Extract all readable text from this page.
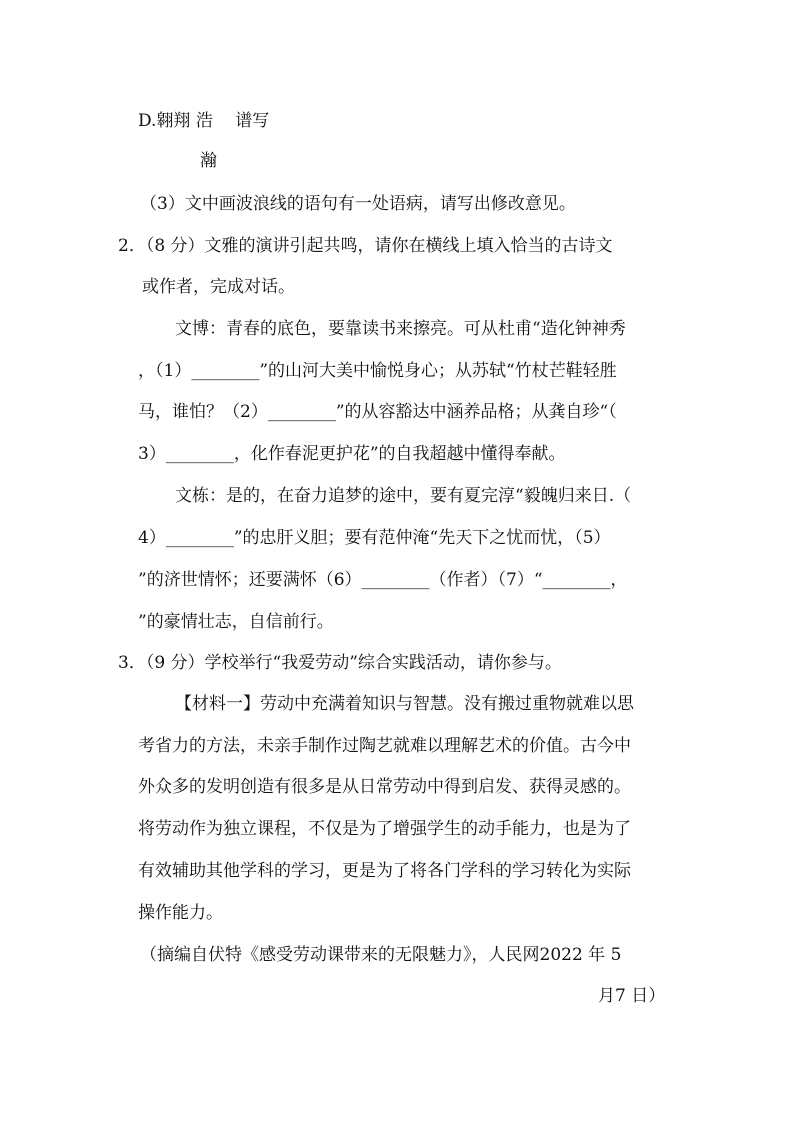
D.翱翔 浩　 谱写
瀚
（3）文中画波浪线的语句有一处语病，请写出修改意见。
2．（8 分）文雅的演讲引起共鸣，请你在横线上填入恰当的古诗文
或作者，完成对话。
文博：青春的底色，要靠读书来擦亮。可从杜甫“造化钟神秀
，（1）________”的山河大美中愉悦身心；从苏轼“竹杖芒鞋轻胜
马，谁怕？（2）________”的从容豁达中涵养品格；从龚自珍“（
3）________，化作春泥更护花”的自我超越中懂得奉献。
文栋：是的，在奋力追梦的途中，要有夏完淳“毅魄归来日.（
4）________”的忠肝义胆；要有范仲淹“先天下之忧而忧，（5）
”的济世情怀；还要满怀（6）________（作者）（7）“________，
”的豪情壮志，自信前行。
3．（9 分）学校举行“我爱劳动”综合实践活动，请你参与。
【材料一】劳动中充满着知识与智慧。没有搬过重物就难以思
考省力的方法，未亲手制作过陶艺就难以理解艺术的价值。古今中
外众多的发明创造有很多是从日常劳动中得到启发、获得灵感的。
将劳动作为独立课程，不仅是为了增强学生的动手能力，也是为了
有效辅助其他学科的学习，更是为了将各门学科的学习转化为实际
操作能力。
（摘编自伏特《感受劳动课带来的无限魅力》，人民网2022 年 5
月7 日）
